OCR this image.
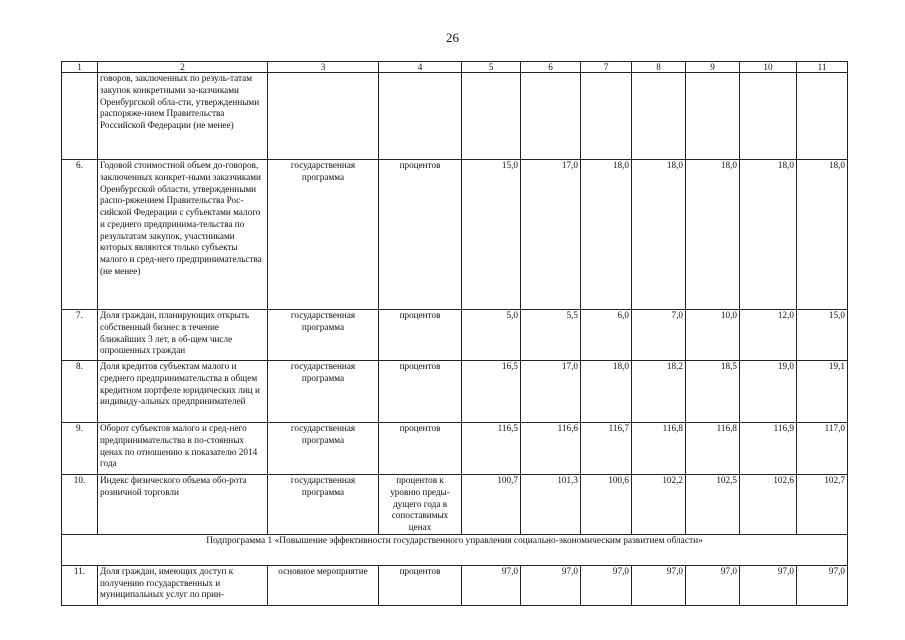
26
1	2	3	4	5	6	7	8	9	10	11
	говоров, заключенных по резуль-татам закупок конкретными за-казчиками Оренбургской обла-сти, утвержденными распоряже-нием Правительства Российской Федерации (не менее)									
6.	Годовой стоимостной объем до-говоров, заключенных конкрет-ными заказчиками Оренбургской области, утвержденными распо-ряжением Правительства Рос-сийской Федерации с субъектами малого и среднего предпринима-тельства по результатам закупок, участниками которых являются только субъекты малого и сред-него предпринимательства (не менее)	государственная программа	процентов	15,0	17,0	18,0	18,0	18,0	18,0	18,0
7.	Доля граждан, планирующих открыть собственный бизнес в течение ближайших 3 лет, в об-щем числе опрошенных граждан	государственная программа	процентов	5,0	5,5	6,0	7,0	10,0	12,0	15,0
8.	Доля кредитов субъектам малого и среднего предпринимательства в общем кредитном портфеле юридических лиц и индивиду-альных предпринимателей	государственная программа	процентов	16,5	17,0	18,0	18,2	18,5	19,0	19,1
9.	Оборот субъектов малого и сред-него предпринимательства в по-стоянных ценах по отношению к показателю 2014 года	государственная программа	процентов	116,5	116,6	116,7	116,8	116,8	116,9	117,0
10.	Индекс физического объема обо-рота розничной торговли	государственная программа	процентов к уровню преды-дущего года в сопоставимых ценах	100,7	101,3	100,6	102,2	102,5	102,6	102,7
Подпрограмма 1 «Повышение эффективности государственного управления социально-экономическим развитием области»										
11.	Доля граждан, имеющих доступ к получению государственных и муниципальных услуг по прин-	основное мероприятие	процентов	97,0	97,0	97,0	97,0	97,0	97,0	97,0
